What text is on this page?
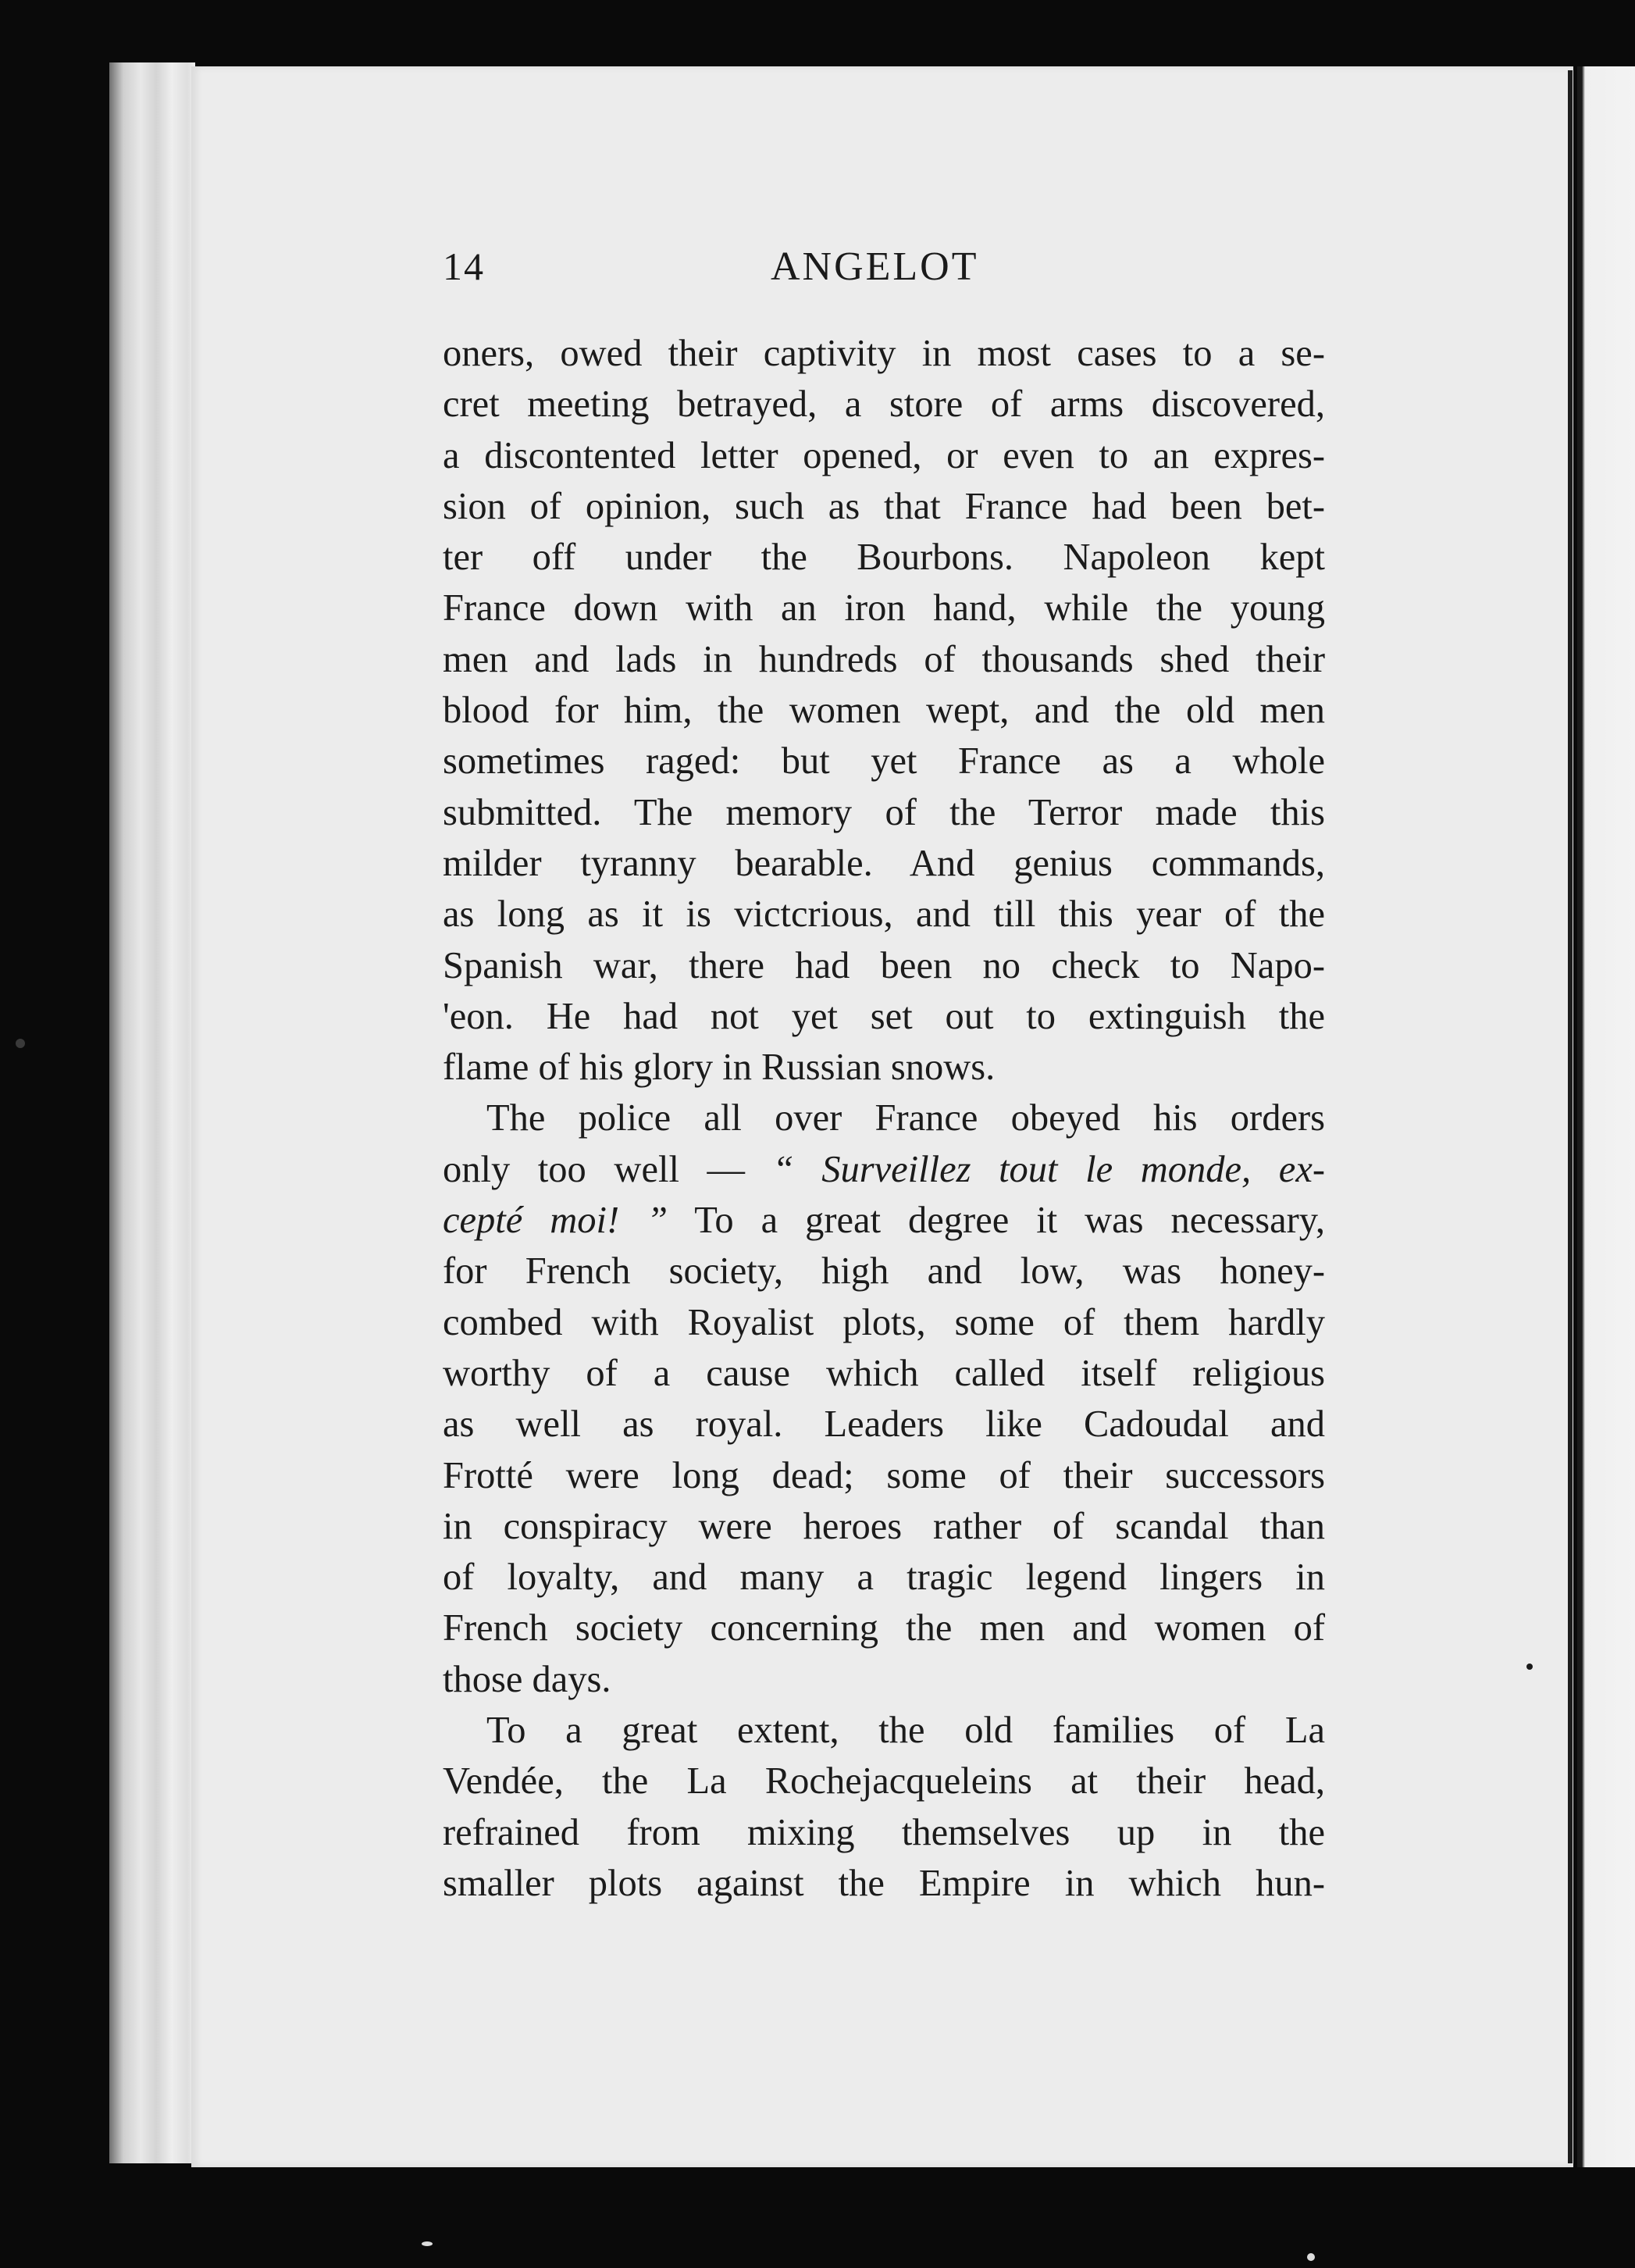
14	ANGELOT
oners, owed their captivity in most cases to a se-
cret meeting betrayed, a store of arms discovered,
a discontented letter opened, or even to an expres-
sion of opinion, such as that France had been bet-
ter off under the Bourbons. Napoleon kept
France down with an iron hand, while the young
men and lads in hundreds of thousands shed their
blood for him, the women wept, and the old men
sometimes raged: but yet France as a whole
submitted. The memory of the Terror made this
milder tyranny bearable. And genius commands,
as long as it is victcrious, and till this year of the
Spanish war, there had been no check to Napo-
'eon. He had not yet set out to extinguish the
flame of his glory in Russian snows.
The police all over France obeyed his orders
only too well — “ Surveillez tout le monde, ex-
cepté moi! ” To a great degree it was necessary,
for French society, high and low, was honey-
combed with Royalist plots, some of them hardly
worthy of a cause which called itself religious
as well as royal. Leaders like Cadoudal and
Frotté were long dead; some of their successors
in conspiracy were heroes rather of scandal than
of loyalty, and many a tragic legend lingers in
French society concerning the men and women of
those days.
To a great extent, the old families of La
Vendée, the La Rochejacqueleins at their head,
refrained from mixing themselves up in the
smaller plots against the Empire in which hun-
